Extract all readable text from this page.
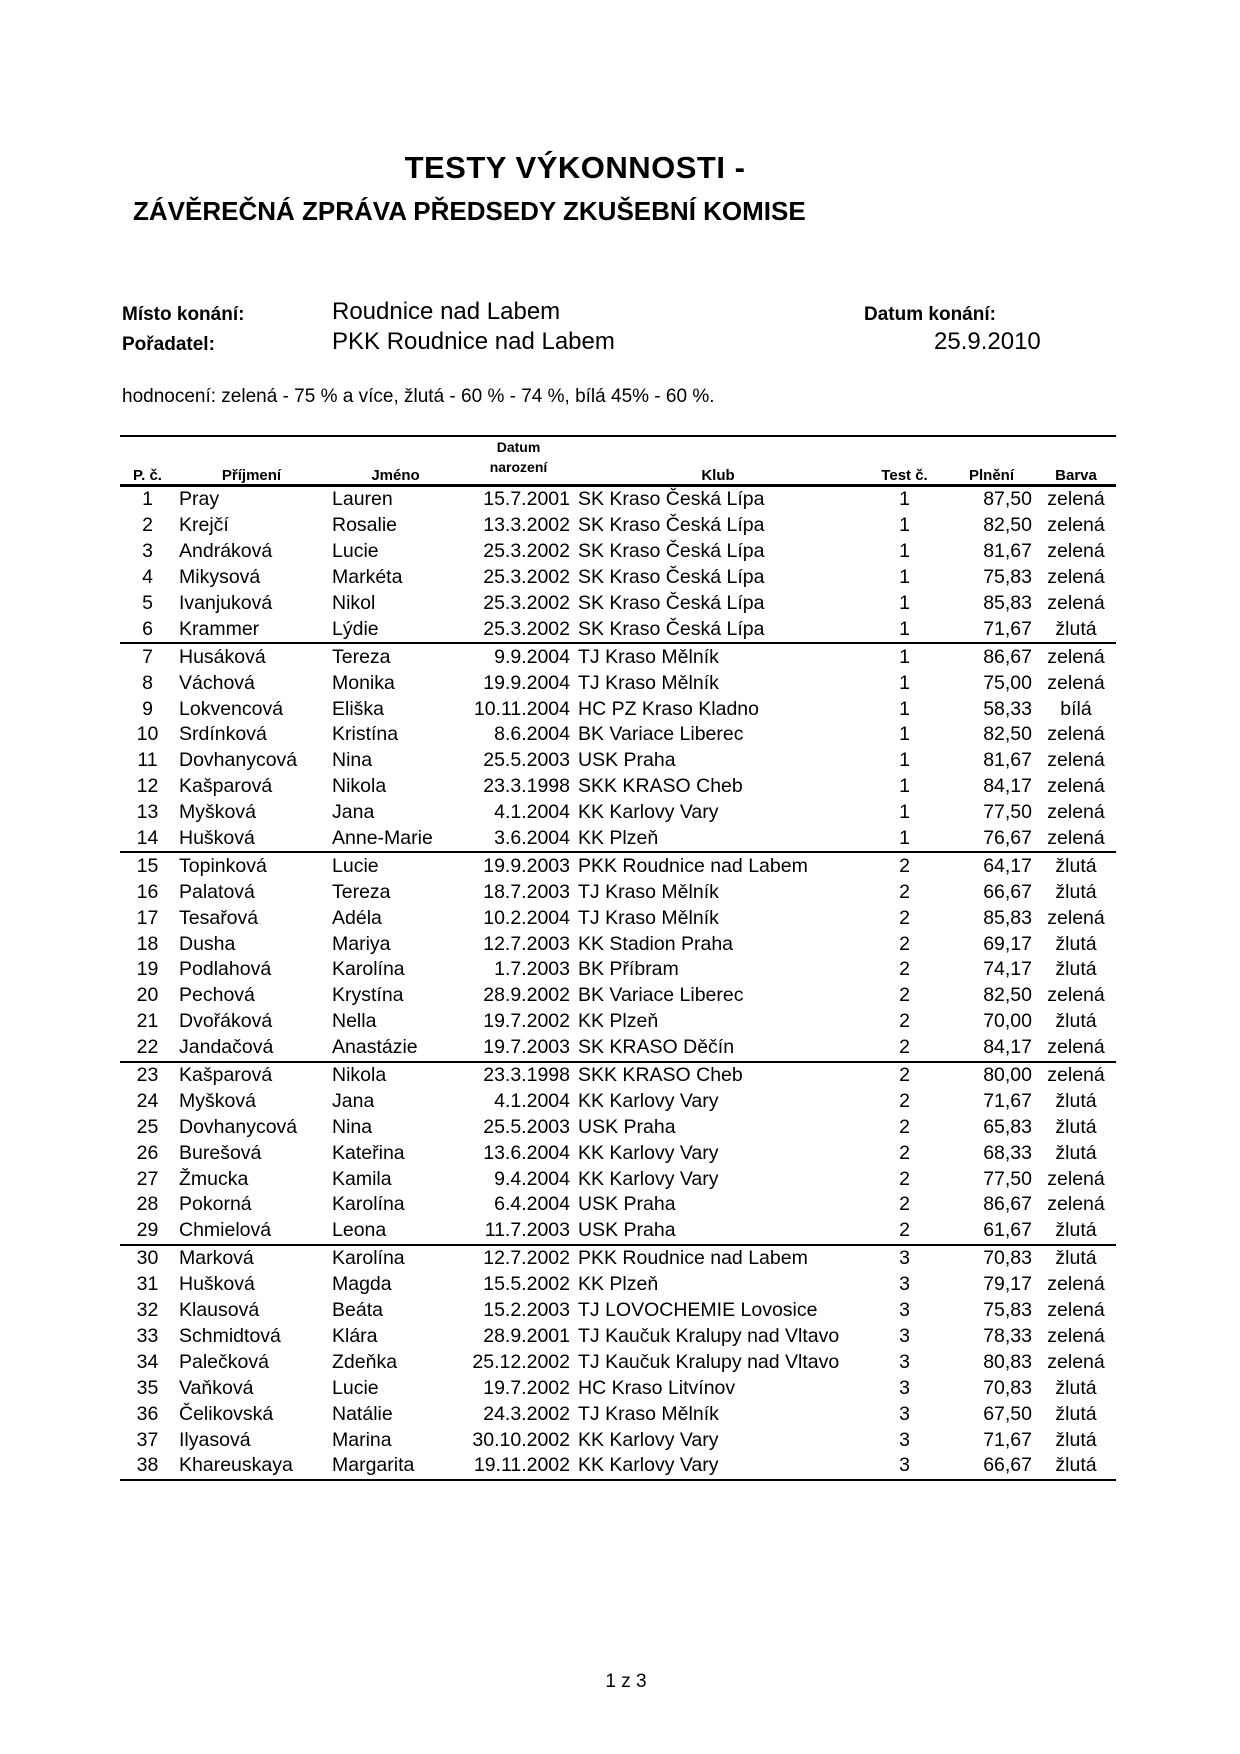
TESTY VÝKONNOSTI -
ZÁVĚREČNÁ ZPRÁVA PŘEDSEDY ZKUŠEBNÍ KOMISE
Místo konání:	Roudnice nad Labem
Pořadatel:	PKK Roudnice nad Labem
Datum konání:
25.9.2010
hodnocení: zelená - 75 % a více, žlutá - 60 % - 74 %, bílá 45% - 60 %.
P. č.	Příjmení	Jméno	Datum
narození	Klub	Test č.	Plnění	Barva
1	Pray	Lauren	15.7.2001	SK Kraso Česká Lípa	1	87,50	zelená
2	Krejčí	Rosalie	13.3.2002	SK Kraso Česká Lípa	1	82,50	zelená
3	Andráková	Lucie	25.3.2002	SK Kraso Česká Lípa	1	81,67	zelená
4	Mikysová	Markéta	25.3.2002	SK Kraso Česká Lípa	1	75,83	zelená
5	Ivanjuková	Nikol	25.3.2002	SK Kraso Česká Lípa	1	85,83	zelená
6	Krammer	Lýdie	25.3.2002	SK Kraso Česká Lípa	1	71,67	žlutá
7	Husáková	Tereza	9.9.2004	TJ Kraso Mělník	1	86,67	zelená
8	Váchová	Monika	19.9.2004	TJ Kraso Mělník	1	75,00	zelená
9	Lokvencová	Eliška	10.11.2004	HC PZ Kraso Kladno	1	58,33	bílá
10	Srdínková	Kristína	8.6.2004	BK Variace Liberec	1	82,50	zelená
11	Dovhanycová	Nina	25.5.2003	USK Praha	1	81,67	zelená
12	Kašparová	Nikola	23.3.1998	SKK KRASO Cheb	1	84,17	zelená
13	Myšková	Jana	4.1.2004	KK Karlovy Vary	1	77,50	zelená
14	Hušková	Anne-Marie	3.6.2004	KK Plzeň	1	76,67	zelená
15	Topinková	Lucie	19.9.2003	PKK Roudnice nad Labem	2	64,17	žlutá
16	Palatová	Tereza	18.7.2003	TJ Kraso Mělník	2	66,67	žlutá
17	Tesařová	Adéla	10.2.2004	TJ Kraso Mělník	2	85,83	zelená
18	Dusha	Mariya	12.7.2003	KK Stadion Praha	2	69,17	žlutá
19	Podlahová	Karolína	1.7.2003	BK Příbram	2	74,17	žlutá
20	Pechová	Krystína	28.9.2002	BK Variace Liberec	2	82,50	zelená
21	Dvořáková	Nella	19.7.2002	KK Plzeň	2	70,00	žlutá
22	Jandačová	Anastázie	19.7.2003	SK KRASO Děčín	2	84,17	zelená
23	Kašparová	Nikola	23.3.1998	SKK KRASO Cheb	2	80,00	zelená
24	Myšková	Jana	4.1.2004	KK Karlovy Vary	2	71,67	žlutá
25	Dovhanycová	Nina	25.5.2003	USK Praha	2	65,83	žlutá
26	Burešová	Kateřina	13.6.2004	KK Karlovy Vary	2	68,33	žlutá
27	Žmucka	Kamila	9.4.2004	KK Karlovy Vary	2	77,50	zelená
28	Pokorná	Karolína	6.4.2004	USK Praha	2	86,67	zelená
29	Chmielová	Leona	11.7.2003	USK Praha	2	61,67	žlutá
30	Marková	Karolína	12.7.2002	PKK Roudnice nad Labem	3	70,83	žlutá
31	Hušková	Magda	15.5.2002	KK Plzeň	3	79,17	zelená
32	Klausová	Beáta	15.2.2003	TJ LOVOCHEMIE Lovosice	3	75,83	zelená
33	Schmidtová	Klára	28.9.2001	TJ Kaučuk Kralupy nad Vltavo	3	78,33	zelená
34	Palečková	Zdeňka	25.12.2002	TJ Kaučuk Kralupy nad Vltavo	3	80,83	zelená
35	Vaňková	Lucie	19.7.2002	HC Kraso Litvínov	3	70,83	žlutá
36	Čelikovská	Natálie	24.3.2002	TJ Kraso Mělník	3	67,50	žlutá
37	Ilyasová	Marina	30.10.2002	KK Karlovy Vary	3	71,67	žlutá
38	Khareuskaya	Margarita	19.11.2002	KK Karlovy Vary	3	66,67	žlutá
1 z 3
